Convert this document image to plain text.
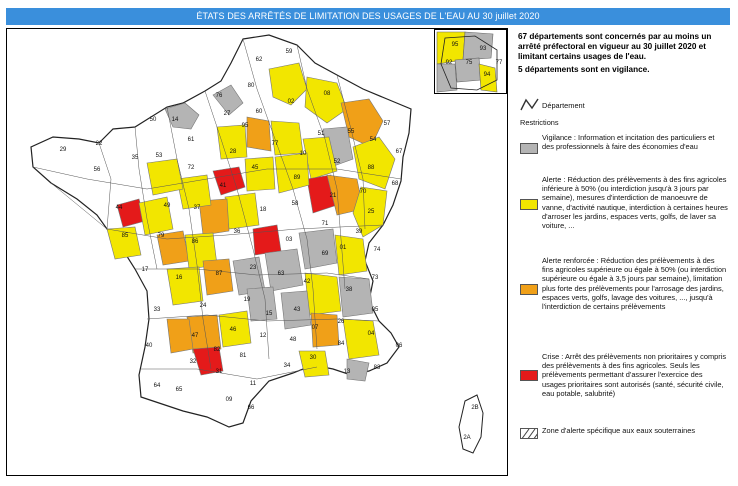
ÉTATS DES ARRÊTÉS DE LIMITATION DES USAGES DE L'EAU AU 30 juillet 2020
62
59
80
76
02
08
14
50
22
29
35
56
53
61
27
95
60
51	55
54
57
67
68
88
52
10
77
89
21
70
25
39
71
58
45
41
28
72
37	18
36
03
44	49
85	79
86
17
16
87
23
19
63
42
69
01	74
73
38
26
07
43
15
24
33
47
46
12
48
30
84
04
05
06
83
13
34
11
81
82
32
40
64
65
31
09
66	2B
2A
95
93
92 75
94
77

67 départements sont concernés par au moins un arrêté préfectoral en vigueur au 30 juillet 2020 et limitant certains usages de l'eau.

5 départements sont en vigilance.

Département
Restrictions
Vigilance : Information et incitation des particuliers et des professionnels à faire des économies d'eau
Alerte : Réduction des prélèvements à des fins agricoles inférieure à 50% (ou interdiction jusqu'à 3 jours par semaine), mesures d'interdiction de manoeuvre de vanne, d'activité nautique, interdiction à certaines heures d'arroser les jardins, espaces verts, golfs, de laver sa voiture, ...
Alerte renforcée : Réduction des prélèvements à des fins agricoles supérieure ou égale à 50% (ou interdiction supérieure ou égale à 3,5 jours par semaine), limitation plus forte des prélèvements pour l'arrosage des jardins, espaces verts, golfs, lavage des voitures, ..., jusqu'à l'interdiction de certains prélèvements
Crise : Arrêt des prélèvements non prioritaires y compris des prélèvements à des fins agricoles. Seuls les prélèvements permettant d'assurer l'exercice des usages prioritaires sont autorisés (santé, sécurité civile, eau potable, salubrité)
Zone d'alerte spécifique aux eaux souterraines
